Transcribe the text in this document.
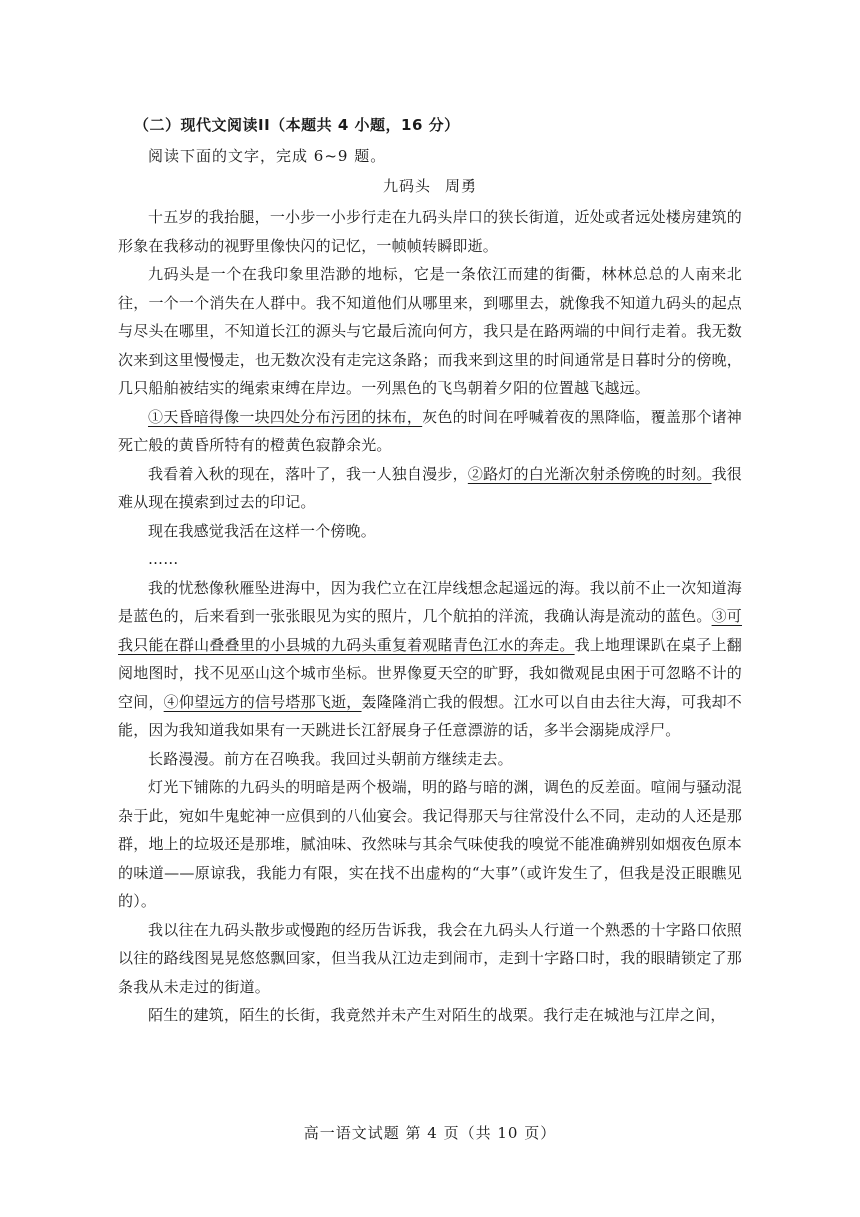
（二）现代文阅读II（本题共 4 小题，16 分）
阅读下面的文字，完成 6~9 题。
九码头 周勇

十五岁的我抬腿，一小步一小步行走在九码头岸口的狭长街道，近处或者远处楼房建筑的形象在我移动的视野里像快闪的记忆，一帧帧转瞬即逝。

九码头是一个在我印象里浩渺的地标，它是一条依江而建的街衢，林林总总的人南来北往，一个一个消失在人群中。我不知道他们从哪里来，到哪里去，就像我不知道九码头的起点与尽头在哪里，不知道长江的源头与它最后流向何方，我只是在路两端的中间行走着。我无数次来到这里慢慢走，也无数次没有走完这条路；而我来到这里的时间通常是日暮时分的傍晚，几只船舶被结实的绳索束缚在岸边。一列黑色的飞鸟朝着夕阳的位置越飞越远。

①天昏暗得像一块四处分布污团的抹布，灰色的时间在呼喊着夜的黑降临，覆盖那个诸神死亡般的黄昏所特有的橙黄色寂静余光。

我看着入秋的现在，落叶了，我一人独自漫步，②路灯的白光渐次射杀傍晚的时刻。我很难从现在摸索到过去的印记。

现在我感觉我活在这样一个傍晚。

……

我的忧愁像秋雁坠进海中，因为我伫立在江岸线想念起遥远的海。我以前不止一次知道海是蓝色的，后来看到一张张眼见为实的照片，几个航拍的洋流，我确认海是流动的蓝色。③可我只能在群山叠叠里的小县城的九码头重复着观睹青色江水的奔走。我上地理课趴在桌子上翻阅地图时，找不见巫山这个城市坐标。世界像夏天空的旷野，我如微观昆虫困于可忽略不计的空间，④仰望远方的信号塔那飞逝，轰隆隆消亡我的假想。江水可以自由去往大海，可我却不能，因为我知道我如果有一天跳进长江舒展身子任意漂游的话，多半会溺毙成浮尸。

长路漫漫。前方在召唤我。我回过头朝前方继续走去。

灯光下铺陈的九码头的明暗是两个极端，明的路与暗的渊，调色的反差面。喧闹与骚动混杂于此，宛如牛鬼蛇神一应俱到的八仙宴会。我记得那天与往常没什么不同，走动的人还是那群，地上的垃圾还是那堆，腻油味、孜然味与其余气味使我的嗅觉不能准确辨别如烟夜色原本的味道——原谅我，我能力有限，实在找不出虚构的“大事”（或许发生了，但我是没正眼瞧见的）。

我以往在九码头散步或慢跑的经历告诉我，我会在九码头人行道一个熟悉的十字路口依照以往的路线图晃晃悠悠飘回家，但当我从江边走到闹市，走到十字路口时，我的眼睛锁定了那条我从未走过的街道。

陌生的建筑，陌生的长街，我竟然并未产生对陌生的战栗。我行走在城池与江岸之间，

高一语文试题 第 4 页（共 10 页）
